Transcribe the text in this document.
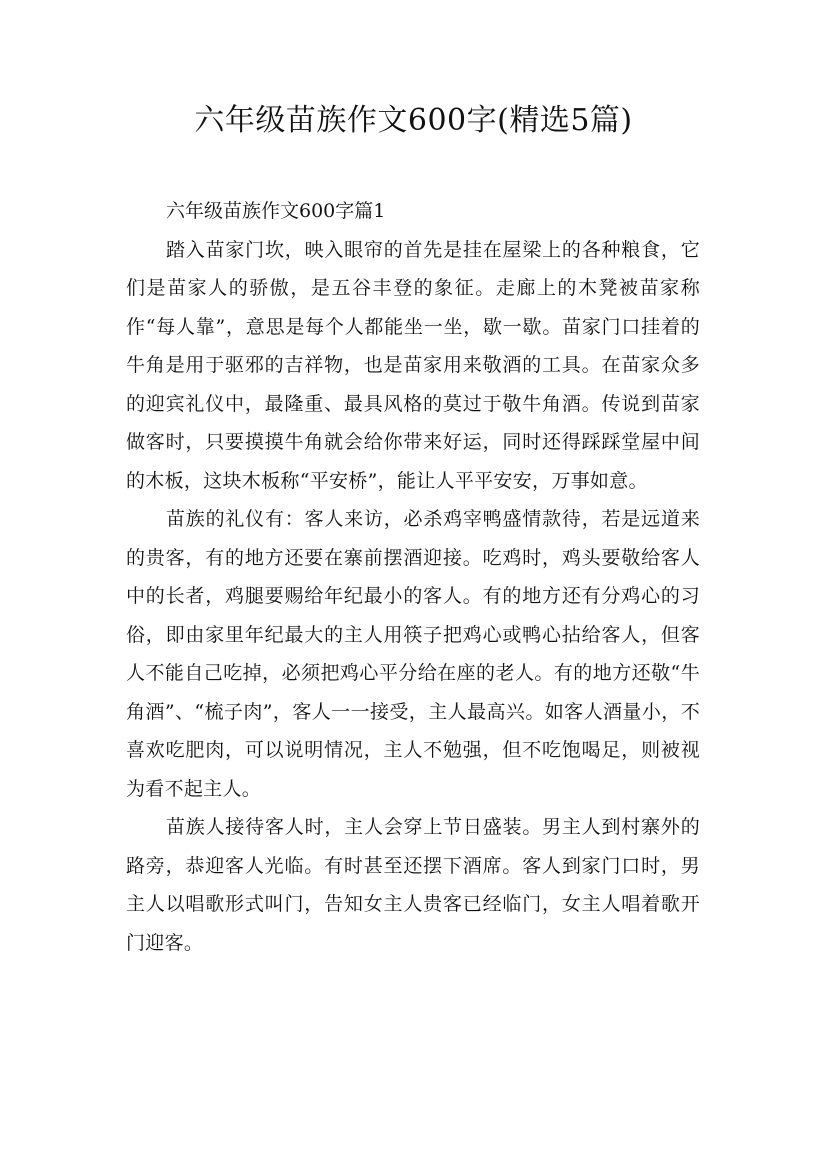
六年级苗族作文600字(精选5篇)

六年级苗族作文600字篇1

踏入苗家门坎，映入眼帘的首先是挂在屋梁上的各种粮食，它们是苗家人的骄傲，是五谷丰登的象征。走廊上的木凳被苗家称作“每人靠”，意思是每个人都能坐一坐，歇一歇。苗家门口挂着的牛角是用于驱邪的吉祥物，也是苗家用来敬酒的工具。在苗家众多的迎宾礼仪中，最隆重、最具风格的莫过于敬牛角酒。传说到苗家做客时，只要摸摸牛角就会给你带来好运，同时还得踩踩堂屋中间的木板，这块木板称“平安桥”，能让人平平安安，万事如意。

苗族的礼仪有：客人来访，必杀鸡宰鸭盛情款待，若是远道来的贵客，有的地方还要在寨前摆酒迎接。吃鸡时，鸡头要敬给客人中的长者，鸡腿要赐给年纪最小的客人。有的地方还有分鸡心的习俗，即由家里年纪最大的主人用筷子把鸡心或鸭心拈给客人，但客人不能自己吃掉，必须把鸡心平分给在座的老人。有的地方还敬“牛角酒”、“梳子肉”，客人一一接受，主人最高兴。如客人酒量小，不喜欢吃肥肉，可以说明情况，主人不勉强，但不吃饱喝足，则被视为看不起主人。

苗族人接待客人时，主人会穿上节日盛装。男主人到村寨外的路旁，恭迎客人光临。有时甚至还摆下酒席。客人到家门口时，男主人以唱歌形式叫门，告知女主人贵客已经临门，女主人唱着歌开门迎客。
